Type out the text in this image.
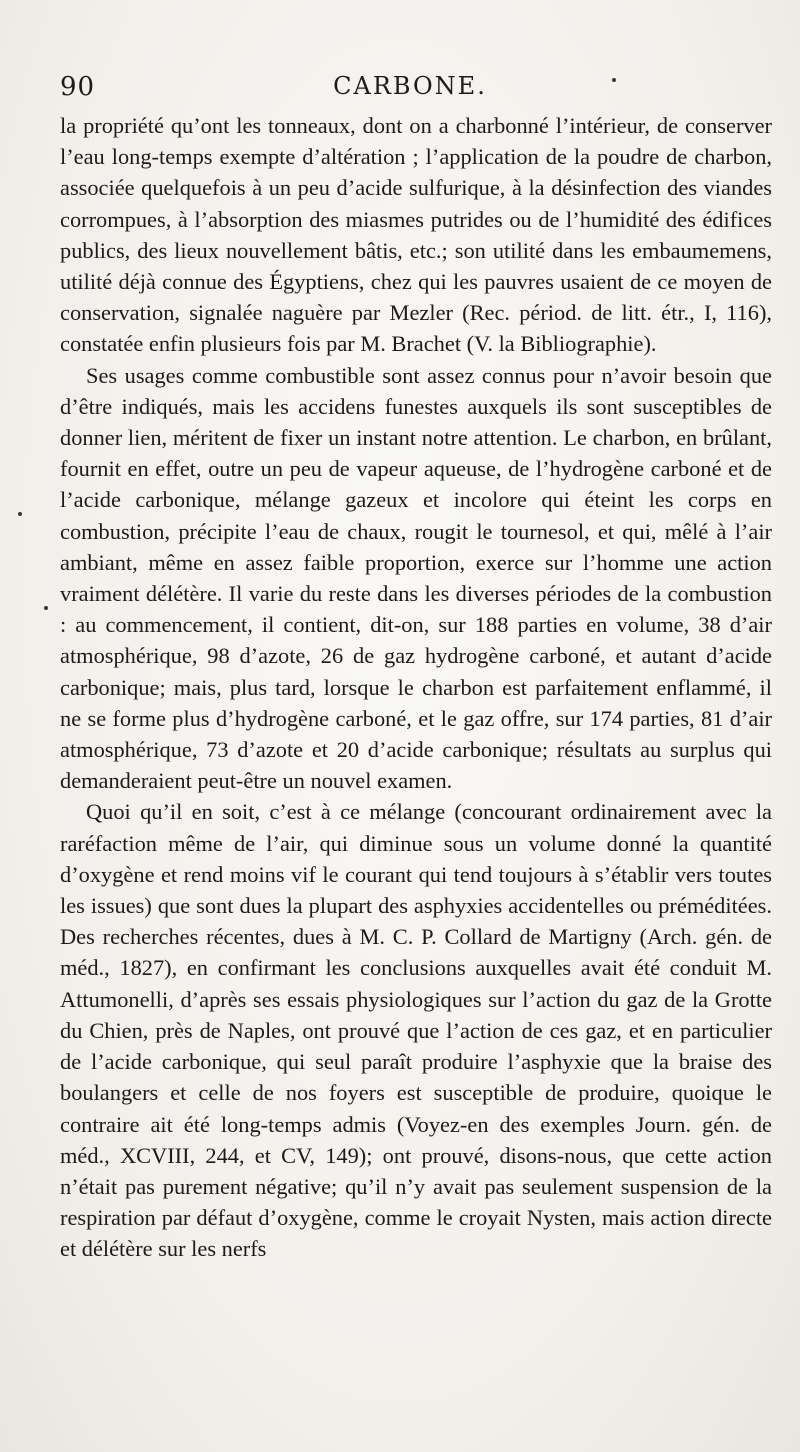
90	CARBONE.

la propriété qu’ont les tonneaux, dont on a charbonné l’intérieur, de conserver l’eau long-temps exempte d’altération ; l’application de la poudre de charbon, associée quelquefois à un peu d’acide sulfurique, à la désinfection des viandes corrompues, à l’absorption des miasmes putrides ou de l’humidité des édifices publics, des lieux nouvellement bâtis, etc.; son utilité dans les embaumemens, utilité déjà connue des Égyptiens, chez qui les pauvres usaient de ce moyen de conservation, signalée naguère par Mezler (Rec. périod. de litt. étr., I, 116), constatée enfin plusieurs fois par M. Brachet (V. la Bibliographie).

Ses usages comme combustible sont assez connus pour n’avoir besoin que d’être indiqués, mais les accidens funestes auxquels ils sont susceptibles de donner lien, méritent de fixer un instant notre attention. Le charbon, en brûlant, fournit en effet, outre un peu de vapeur aqueuse, de l’hydrogène carboné et de l’acide carbonique, mélange gazeux et incolore qui éteint les corps en combustion, précipite l’eau de chaux, rougit le tournesol, et qui, mêlé à l’air ambiant, même en assez faible proportion, exerce sur l’homme une action vraiment délétère. Il varie du reste dans les diverses périodes de la combustion : au commencement, il contient, dit-on, sur 188 parties en volume, 38 d’air atmosphérique, 98 d’azote, 26 de gaz hydrogène carboné, et autant d’acide carbonique; mais, plus tard, lorsque le charbon est parfaitement enflammé, il ne se forme plus d’hydrogène carboné, et le gaz offre, sur 174 parties, 81 d’air atmosphérique, 73 d’azote et 20 d’acide carbonique; résultats au surplus qui demanderaient peut-être un nouvel examen.

Quoi qu’il en soit, c’est à ce mélange (concourant ordinairement avec la raréfaction même de l’air, qui diminue sous un volume donné la quantité d’oxygène et rend moins vif le courant qui tend toujours à s’établir vers toutes les issues) que sont dues la plupart des asphyxies accidentelles ou préméditées. Des recherches récentes, dues à M. C. P. Collard de Martigny (Arch. gén. de méd., 1827), en confirmant les conclusions auxquelles avait été conduit M. Attumonelli, d’après ses essais physiologiques sur l’action du gaz de la Grotte du Chien, près de Naples, ont prouvé que l’action de ces gaz, et en particulier de l’acide carbonique, qui seul paraît produire l’asphyxie que la braise des boulangers et celle de nos foyers est susceptible de produire, quoique le contraire ait été long-temps admis (Voyez-en des exemples Journ. gén. de méd., XCVIII, 244, et CV, 149); ont prouvé, disons-nous, que cette action n’était pas purement négative; qu’il n’y avait pas seulement suspension de la respiration par défaut d’oxygène, comme le croyait Nysten, mais action directe et délétère sur les nerfs
